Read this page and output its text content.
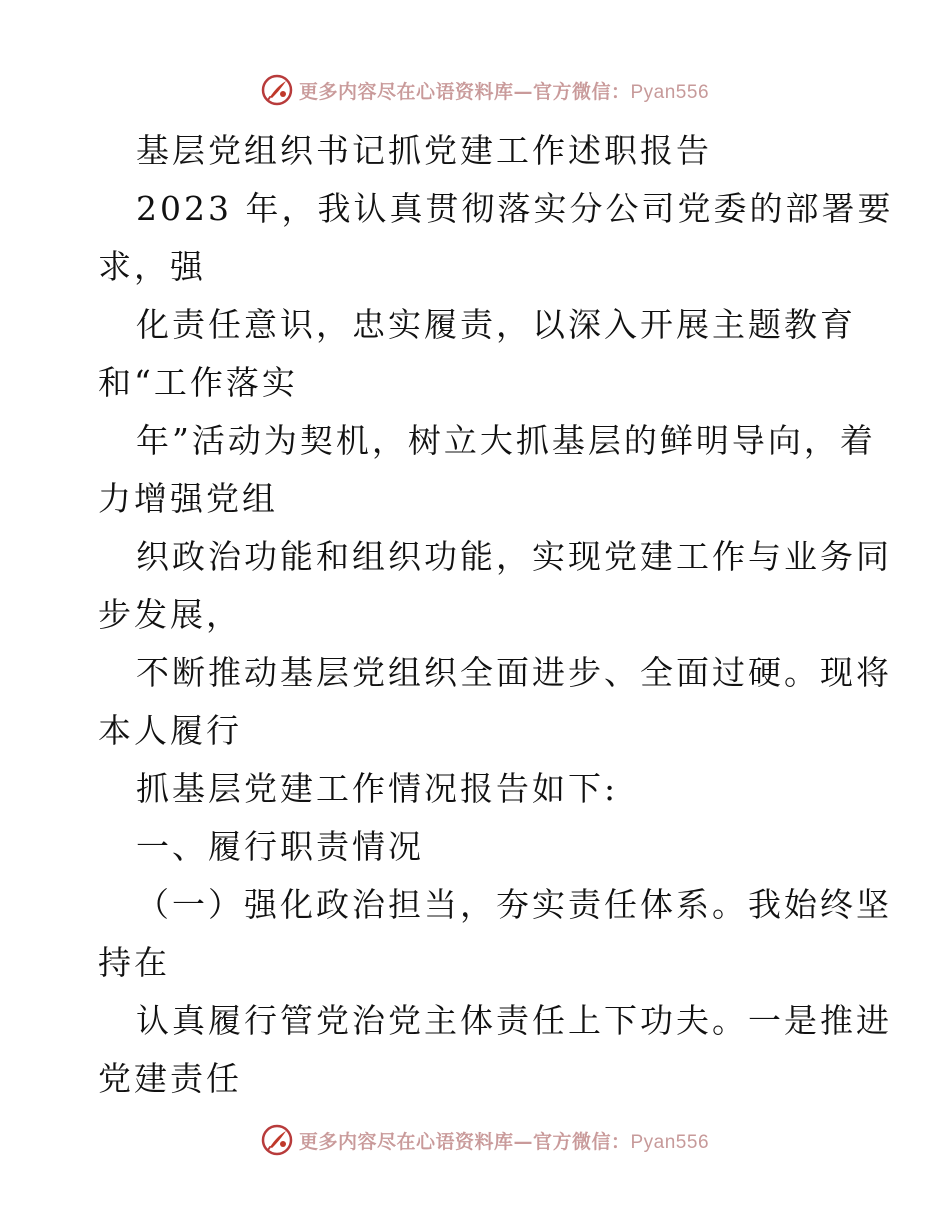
更多内容尽在心语资料库—官方微信：Pyan556
基层党组织书记抓党建工作述职报告
2023 年，我认真贯彻落实分公司党委的部署要
求，强
化责任意识，忠实履责，以深入开展主题教育
和“工作落实
年”活动为契机，树立大抓基层的鲜明导向，着
力增强党组
织政治功能和组织功能，实现党建工作与业务同
步发展，
不断推动基层党组织全面进步、全面过硬。现将
本人履行
抓基层党建工作情况报告如下:
一、履行职责情况
（一）强化政治担当，夯实责任体系。我始终坚
持在
认真履行管党治党主体责任上下功夫。一是推进
党建责任
更多内容尽在心语资料库—官方微信：Pyan556
